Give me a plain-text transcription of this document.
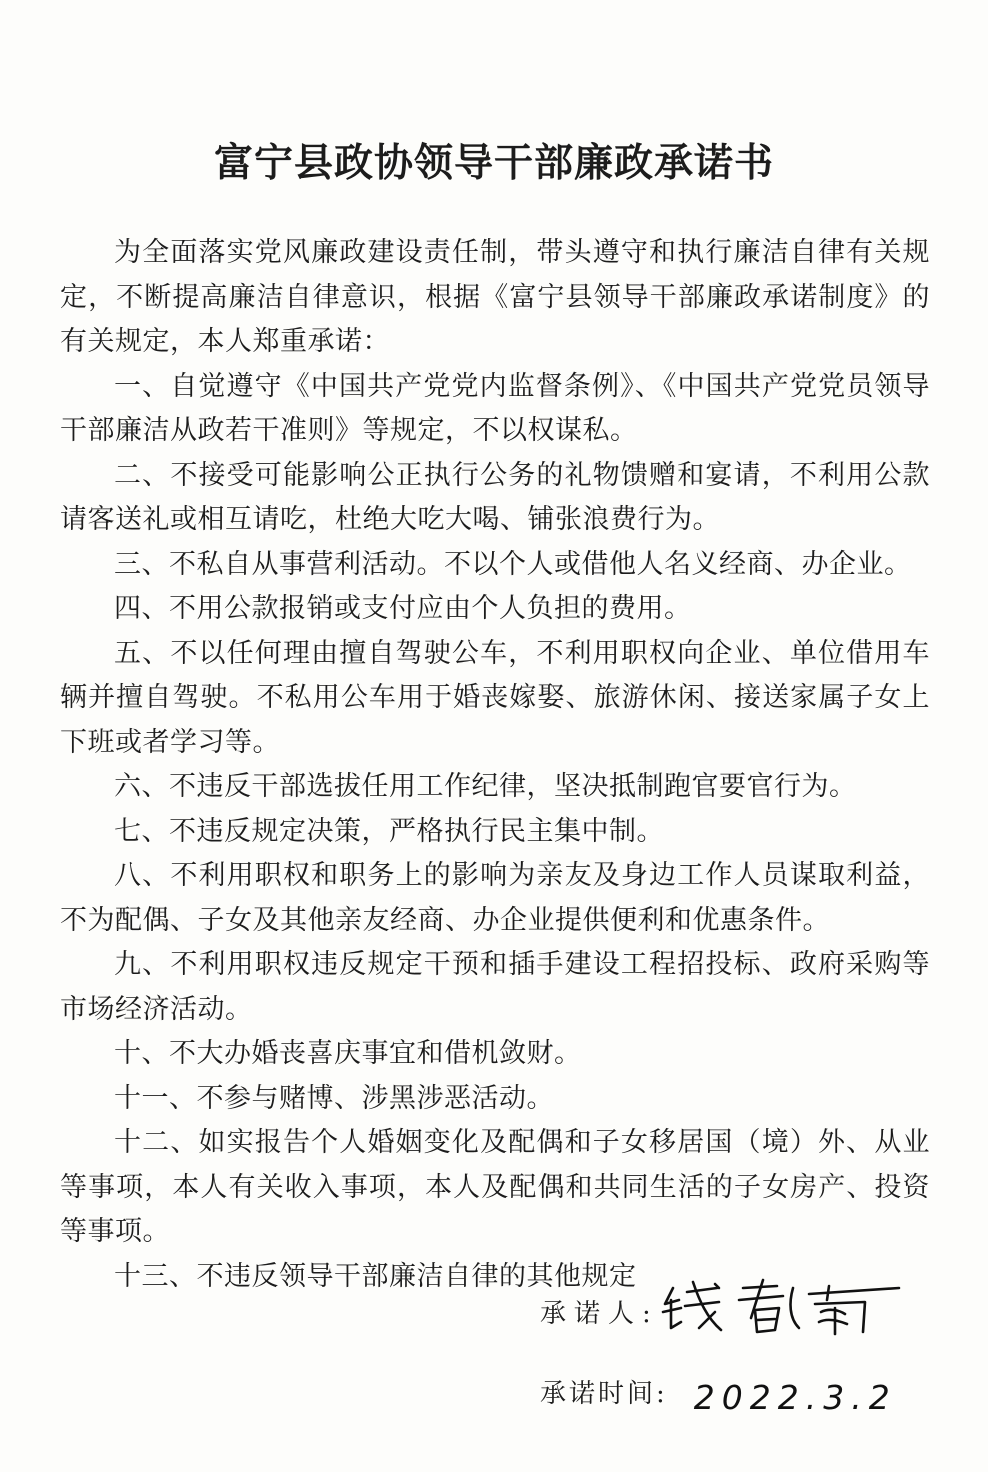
富宁县政协领导干部廉政承诺书

为全面落实党风廉政建设责任制，带头遵守和执行廉洁自律有关规定，不断提高廉洁自律意识，根据《富宁县领导干部廉政承诺制度》的有关规定，本人郑重承诺：

一、自觉遵守《中国共产党党内监督条例》、《中国共产党党员领导干部廉洁从政若干准则》等规定，不以权谋私。

二、不接受可能影响公正执行公务的礼物馈赠和宴请，不利用公款请客送礼或相互请吃，杜绝大吃大喝、铺张浪费行为。

三、不私自从事营利活动。不以个人或借他人名义经商、办企业。

四、不用公款报销或支付应由个人负担的费用。

五、不以任何理由擅自驾驶公车，不利用职权向企业、单位借用车辆并擅自驾驶。不私用公车用于婚丧嫁娶、旅游休闲、接送家属子女上下班或者学习等。

六、不违反干部选拔任用工作纪律，坚决抵制跑官要官行为。

七、不违反规定决策，严格执行民主集中制。

八、不利用职权和职务上的影响为亲友及身边工作人员谋取利益，不为配偶、子女及其他亲友经商、办企业提供便利和优惠条件。

九、不利用职权违反规定干预和插手建设工程招投标、政府采购等市场经济活动。

十、不大办婚丧喜庆事宜和借机敛财。

十一、不参与赌博、涉黑涉恶活动。

十二、如实报告个人婚姻变化及配偶和子女移居国（境）外、从业等事项，本人有关收入事项，本人及配偶和共同生活的子女房产、投资等事项。

十三、不违反领导干部廉洁自律的其他规定

承诺人:
承诺时间: 2022.3.2
